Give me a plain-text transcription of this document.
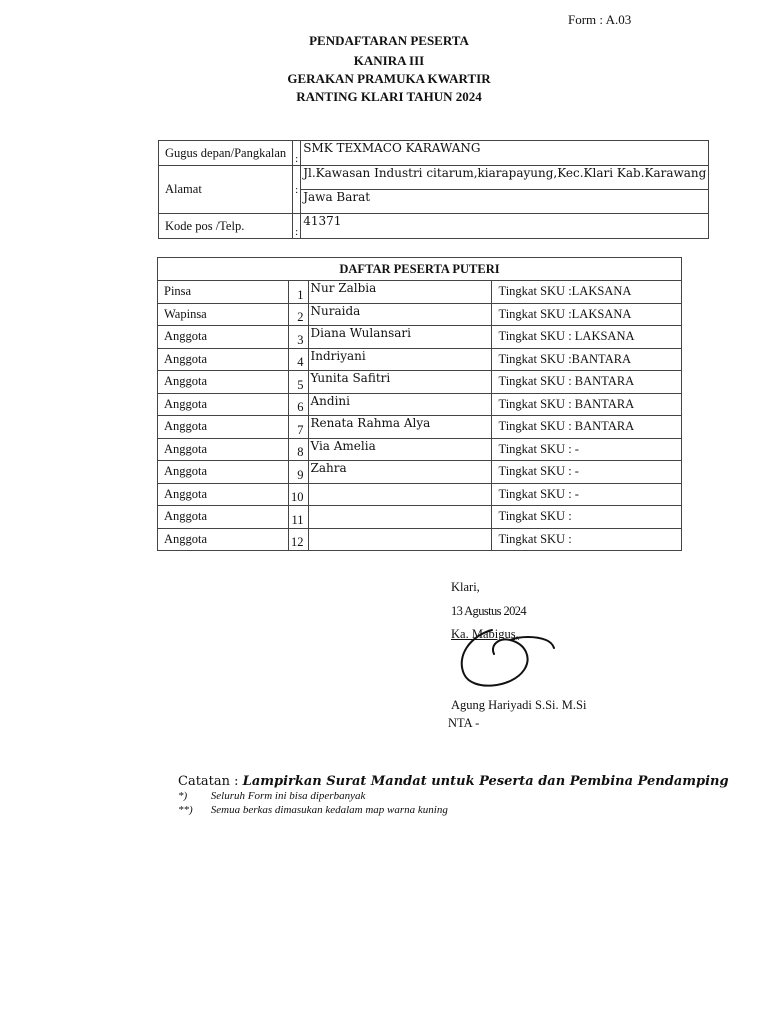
Form : A.03
PENDAFTARAN PESERTA
KANIRA III
GERAKAN PRAMUKA KWARTIR
RANTING KLARI TAHUN 2024
Gugus depan/Pangkalan	:	SMK TEXMACO KARAWANG
Alamat	:	Jl.Kawasan Industri citarum,kiarapayung,Kec.Klari Kab.Karawang
		Jawa Barat
Kode pos /Telp.	:	41371
DAFTAR PESERTA PUTERI			
Pinsa	1	Nur Zalbia	Tingkat SKU :LAKSANA
Wapinsa	2	Nuraida	Tingkat SKU :LAKSANA
Anggota	3	Diana Wulansari	Tingkat SKU : LAKSANA
Anggota	4	Indriyani	Tingkat SKU :BANTARA
Anggota	5	Yunita Safitri	Tingkat SKU : BANTARA
Anggota	6	Andini	Tingkat SKU : BANTARA
Anggota	7	Renata Rahma Alya	Tingkat SKU : BANTARA
Anggota	8	Via Amelia	Tingkat SKU : -
Anggota	9	Zahra	Tingkat SKU : -
Anggota	10		Tingkat SKU : -
Anggota	11		Tingkat SKU :
Anggota	12		Tingkat SKU :
Klari,
13 Agustus 2024
Ka. Mabigus,
Agung Hariyadi S.Si. M.Si
NTA -
Catatan : Lampirkan Surat Mandat untuk Peserta dan Pembina Pendamping
*) Seluruh Form ini bisa diperbanyak
**) Semua berkas dimasukan kedalam map warna kuning
